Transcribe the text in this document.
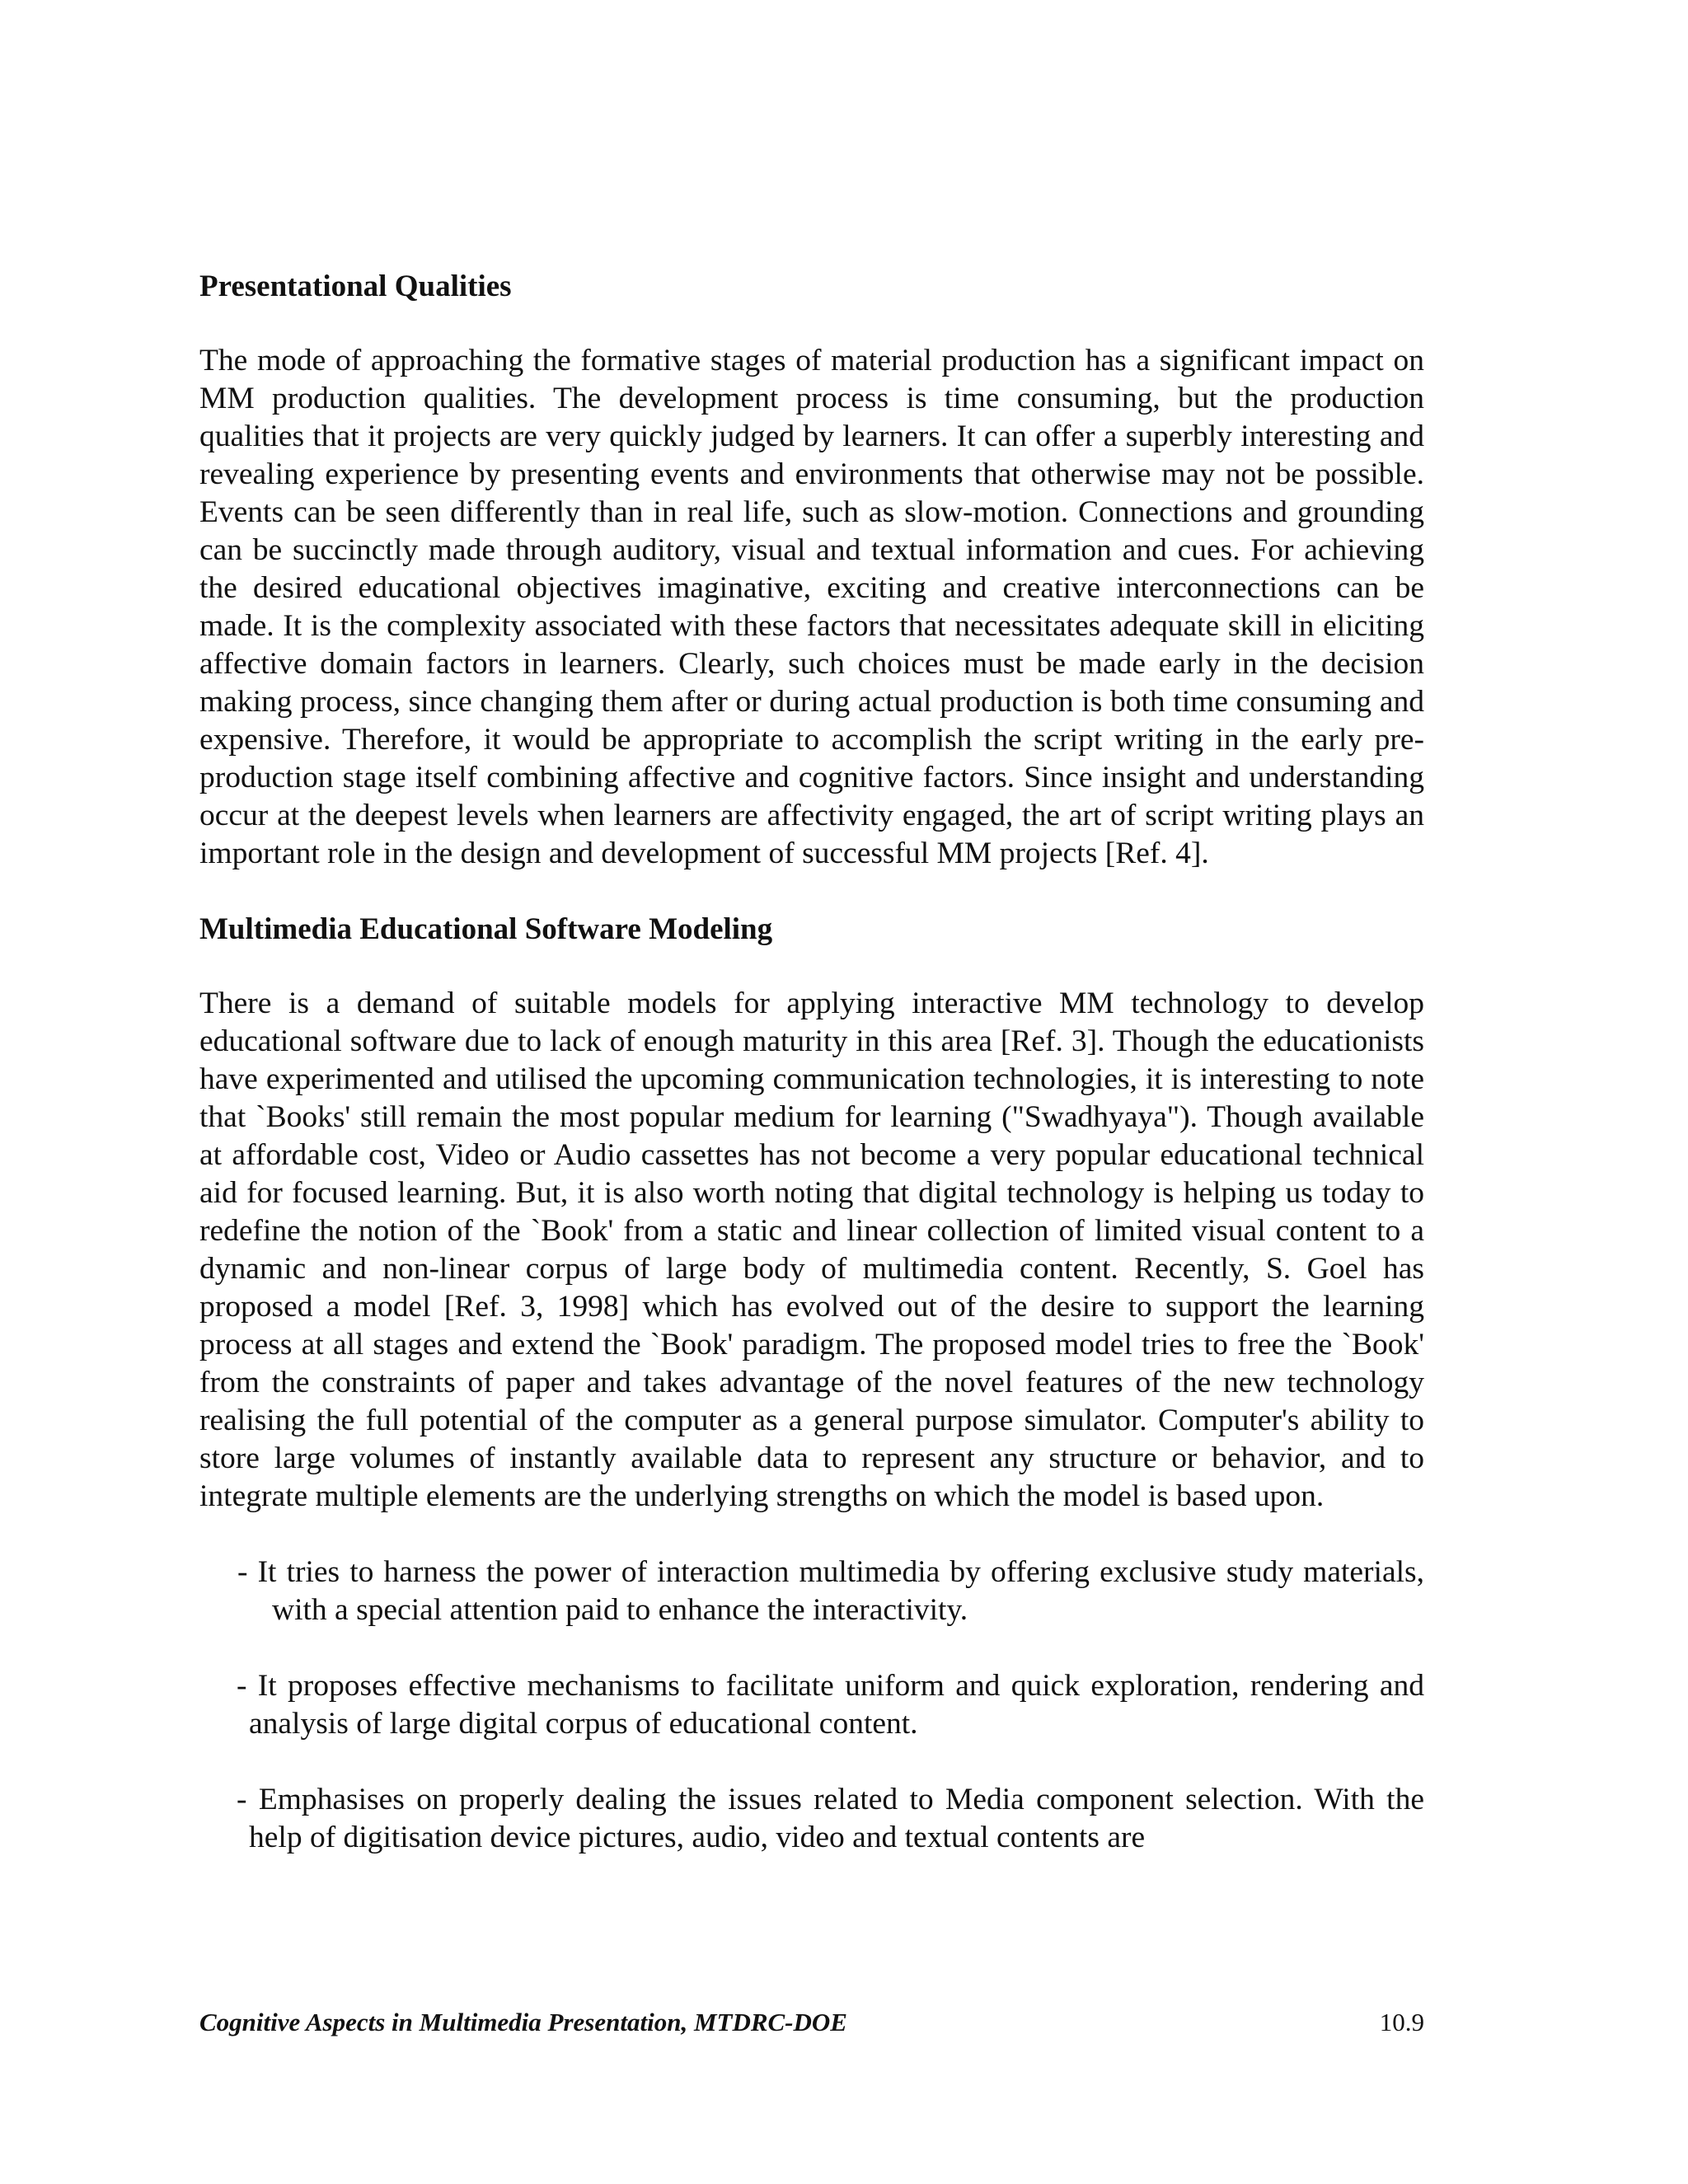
Presentational Qualities

The mode of approaching the formative stages of material production has a significant impact on MM production qualities. The development process is time consuming, but the production qualities that it projects are very quickly judged by learners. It can offer a superbly interesting and revealing experience by presenting events and environments that otherwise may not be possible. Events can be seen differently than in real life, such as slow-motion. Connections and grounding can be succinctly made through auditory, visual and textual information and cues. For achieving the desired educational objectives imaginative, exciting and creative interconnections can be made. It is the complexity associated with these factors that necessitates adequate skill in eliciting affective domain factors in learners. Clearly, such choices must be made early in the decision making process, since changing them after or during actual production is both time consuming and expensive. Therefore, it would be appropriate to accomplish the script writing in the early pre-production stage itself combining affective and cognitive factors. Since insight and understanding occur at the deepest levels when learners are affectivity engaged, the art of script writing plays an important role in the design and development of successful MM projects [Ref. 4].

Multimedia Educational Software Modeling

There is a demand of suitable models for applying interactive MM technology to develop educational software due to lack of enough maturity in this area [Ref. 3]. Though the educationists have experimented and utilised the upcoming communication technologies, it is interesting to note that `Books' still remain the most popular medium for learning ("Swadhyaya"). Though available at affordable cost, Video or Audio cassettes has not become a very popular educational technical aid for focused learning. But, it is also worth noting that digital technology is helping us today to redefine the notion of the `Book' from a static and linear collection of limited visual content to a dynamic and non-linear corpus of large body of multimedia content. Recently, S. Goel has proposed a model [Ref. 3, 1998] which has evolved out of the desire to support the learning process at all stages and extend the `Book' paradigm. The proposed model tries to free the `Book' from the constraints of paper and takes advantage of the novel features of the new technology realising the full potential of the computer as a general purpose simulator. Computer's ability to store large volumes of instantly available data to represent any structure or behavior, and to integrate multiple elements are the underlying strengths on which the model is based upon.

- It tries to harness the power of interaction multimedia by offering exclusive study materials, with a special attention paid to enhance the interactivity.
- It proposes effective mechanisms to facilitate uniform and quick exploration, rendering and analysis of large digital corpus of educational content.
- Emphasises on properly dealing the issues related to Media component selection. With the help of digitisation device pictures, audio, video and textual contents are
Cognitive Aspects in Multimedia Presentation, MTDRC-DOE	10.9
